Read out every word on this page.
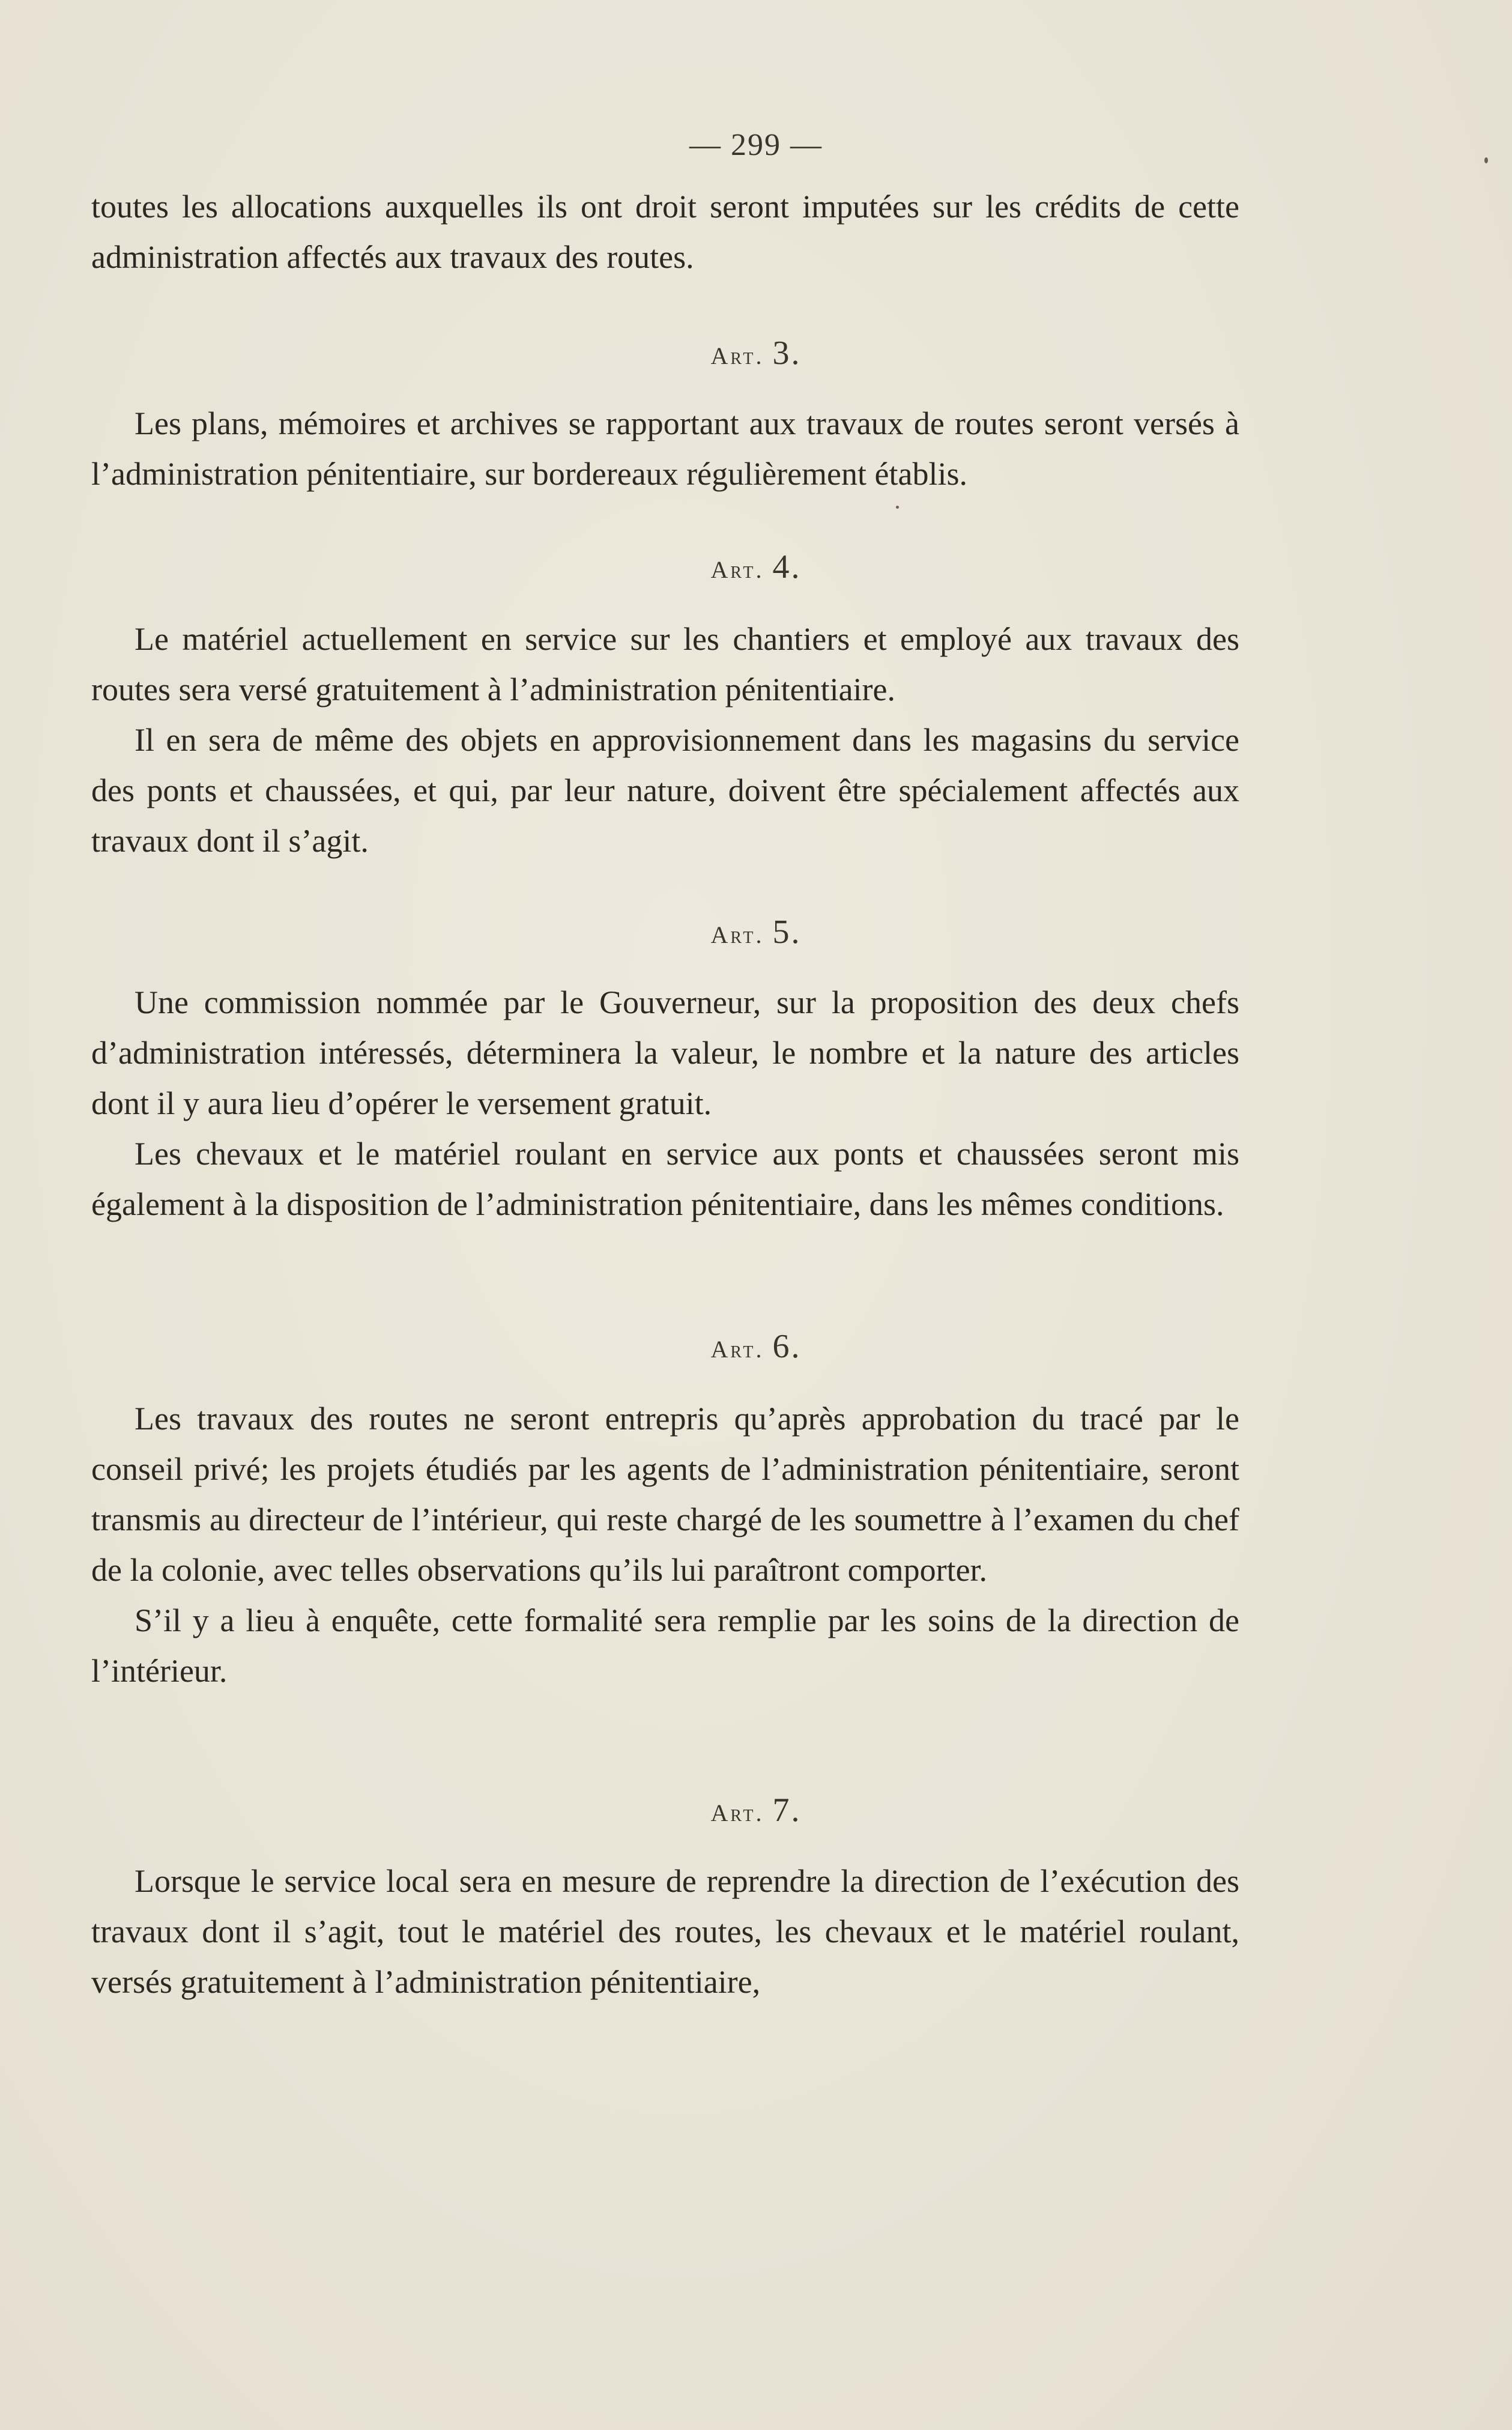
— 299 —

toutes les allocations auxquelles ils ont droit seront imputées sur les crédits de cette administration affectés aux travaux des routes.

Art. 3.

Les plans, mémoires et archives se rapportant aux travaux de routes seront versés à l’administration pénitentiaire, sur bordereaux régulièrement établis.

Art. 4.

Le matériel actuellement en service sur les chantiers et employé aux travaux des routes sera versé gratuitement à l’administration pénitentiaire.

Il en sera de même des objets en approvisionnement dans les magasins du service des ponts et chaussées, et qui, par leur nature, doivent être spécialement affectés aux travaux dont il s’agit.

Art. 5.

Une commission nommée par le Gouverneur, sur la proposition des deux chefs d’administration intéressés, déterminera la valeur, le nombre et la nature des articles dont il y aura lieu d’opérer le versement gratuit.

Les chevaux et le matériel roulant en service aux ponts et chaussées seront mis également à la disposition de l’administration pénitentiaire, dans les mêmes conditions.

Art. 6.

Les travaux des routes ne seront entrepris qu’après approbation du tracé par le conseil privé; les projets étudiés par les agents de l’administration pénitentiaire, seront transmis au directeur de l’intérieur, qui reste chargé de les soumettre à l’examen du chef de la colonie, avec telles observations qu’ils lui paraîtront comporter.

S’il y a lieu à enquête, cette formalité sera remplie par les soins de la direction de l’intérieur.

Art. 7.

Lorsque le service local sera en mesure de reprendre la direction de l’exécution des travaux dont il s’agit, tout le matériel des routes, les chevaux et le matériel roulant, versés gratuitement à l’administration pénitentiaire,
